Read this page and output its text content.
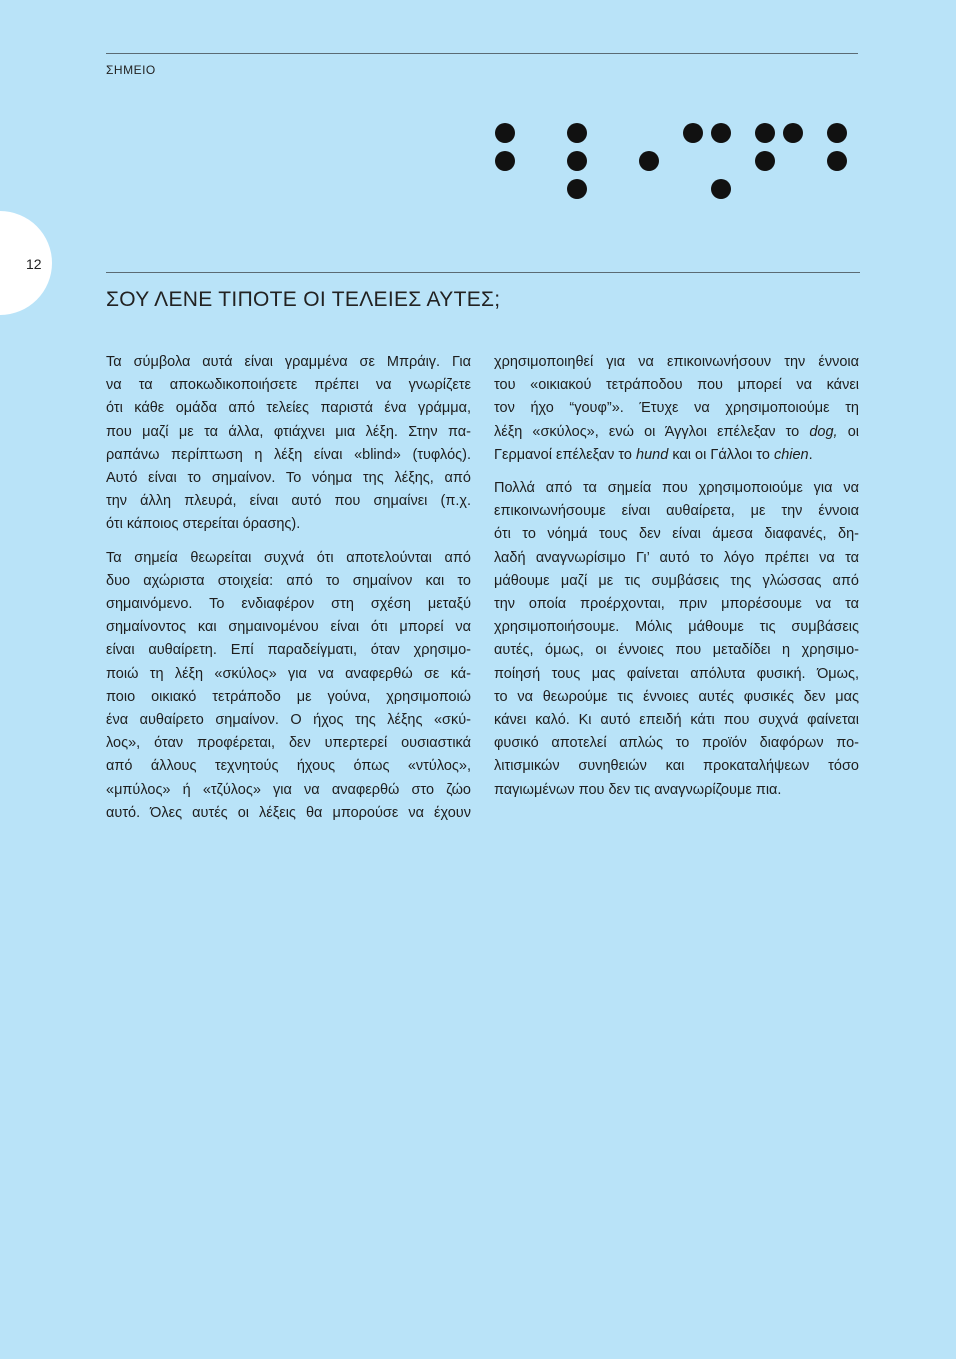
12
ΣΗΜΕΙΟ
ΣΟΥ ΛΕΝΕ ΤΙΠΟΤΕ ΟΙ ΤΕΛΕΙΕΣ ΑΥΤΕΣ;

Τα σύμβολα αυτά είναι γραμμένα σε Μπράιγ. Για
να τα αποκωδικοποιήσετε πρέπει να γνωρίζετε
ότι κάθε ομάδα από τελείες παριστά ένα γράμμα,
που μαζί με τα άλλα, φτιάχνει μια λέξη. Στην πα-
ραπάνω περίπτωση η λέξη είναι «blind» (τυφλός).
Αυτό είναι το σημαίνον. Το νόημα της λέξης, από
την άλλη πλευρά, είναι αυτό που σημαίνει (π.χ.
ότι κάποιος στερείται όρασης).

Τα σημεία θεωρείται συχνά ότι αποτελούνται από
δυο αχώριστα στοιχεία: από το σημαίνον και το
σημαινόμενο. Το ενδιαφέρον στη σχέση μεταξύ
σημαίνοντος και σημαινομένου είναι ότι μπορεί να
είναι αυθαίρετη. Επί παραδείγματι, όταν χρησιμο-
ποιώ τη λέξη «σκύλος» για να αναφερθώ σε κά-
ποιο οικιακό τετράποδο με γούνα, χρησιμοποιώ
ένα αυθαίρετο σημαίνον. Ο ήχος της λέξης «σκύ-
λος», όταν προφέρεται, δεν υπερτερεί ουσιαστικά
από άλλους τεχνητούς ήχους όπως «ντύλος»,
«μπύλος» ή «τζύλος» για να αναφερθώ στο ζώο
αυτό. Όλες αυτές οι λέξεις θα μπορούσε να έχουν

χρησιμοποιηθεί για να επικοινωνήσουν την έννοια
του «οικιακού τετράποδου που μπορεί να κάνει
τον ήχο “γουφ”». Έτυχε να χρησιμοποιούμε τη
λέξη «σκύλος», ενώ οι Άγγλοι επέλεξαν το dog, οι
Γερμανοί επέλεξαν το hund και οι Γάλλοι το chien.

Πολλά από τα σημεία που χρησιμοποιούμε για να
επικοινωνήσουμε είναι αυθαίρετα, με την έννοια
ότι το νόημά τους δεν είναι άμεσα διαφανές, δη-
λαδή αναγνωρίσιμο Γι’ αυτό το λόγο πρέπει να τα
μάθουμε μαζί με τις συμβάσεις της γλώσσας από
την οποία προέρχονται, πριν μπορέσουμε να τα
χρησιμοποιήσουμε. Μόλις μάθουμε τις συμβάσεις
αυτές, όμως, οι έννοιες που μεταδίδει η χρησιμο-
ποίησή τους μας φαίνεται απόλυτα φυσική. Όμως,
το να θεωρούμε τις έννοιες αυτές φυσικές δεν μας
κάνει καλό. Κι αυτό επειδή κάτι που συχνά φαίνεται
φυσικό αποτελεί απλώς το προϊόν διαφόρων πο-
λιτισμικών συνηθειών και προκαταλήψεων τόσο
παγιωμένων που δεν τις αναγνωρίζουμε πια.
